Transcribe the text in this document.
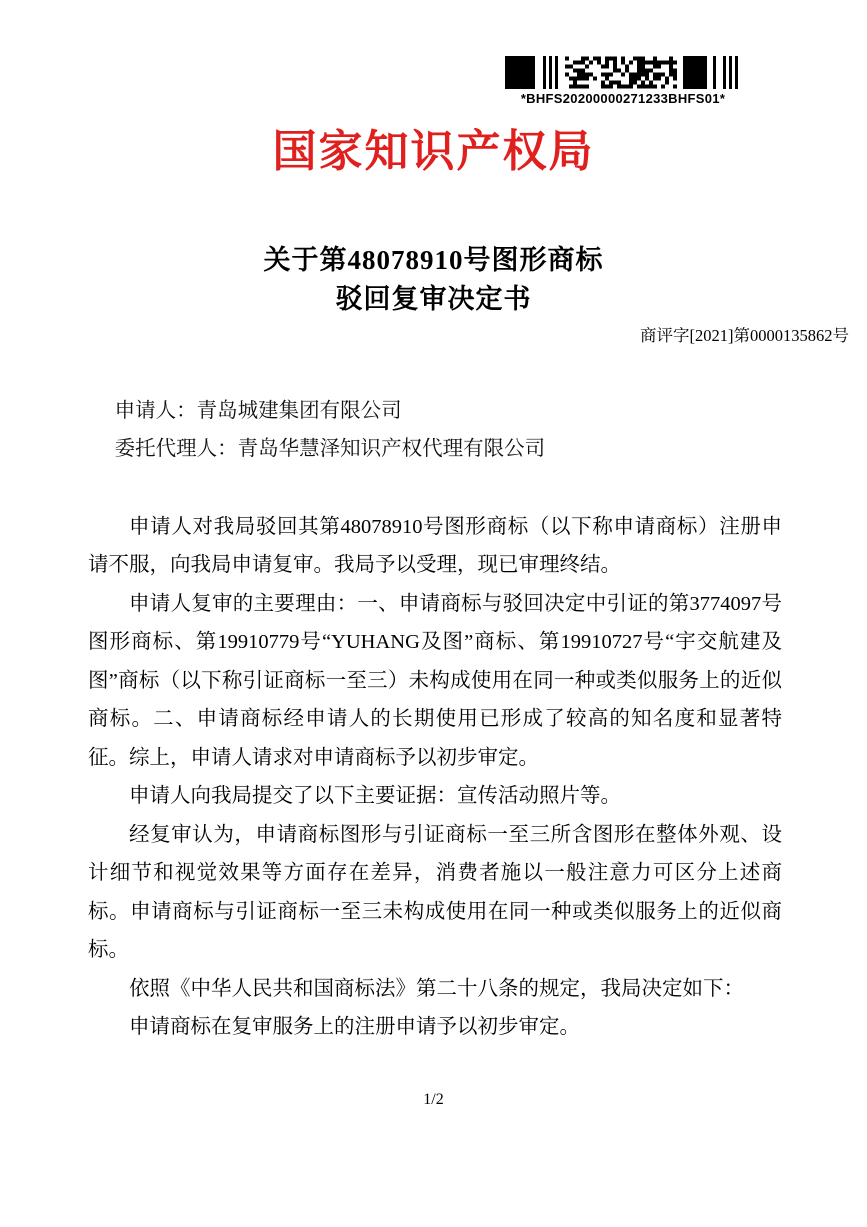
*BHFS20200000271233BHFS01*
国家知识产权局
关于第48078910号图形商标
驳回复审决定书
商评字[2021]第0000135862号
申请人：青岛城建集团有限公司
委托代理人：青岛华慧泽知识产权代理有限公司

申请人对我局驳回其第48078910号图形商标（以下称申请商标）注册申请不服，向我局申请复审。我局予以受理，现已审理终结。

申请人复审的主要理由：一、申请商标与驳回决定中引证的第3774097号图形商标、第19910779号“YUHANG及图”商标、第19910727号“宇交航建及图”商标（以下称引证商标一至三）未构成使用在同一种或类似服务上的近似商标。二、申请商标经申请人的长期使用已形成了较高的知名度和显著特征。综上，申请人请求对申请商标予以初步审定。

申请人向我局提交了以下主要证据：宣传活动照片等。

经复审认为，申请商标图形与引证商标一至三所含图形在整体外观、设计细节和视觉效果等方面存在差异，消费者施以一般注意力可区分上述商标。申请商标与引证商标一至三未构成使用在同一种或类似服务上的近似商标。

依照《中华人民共和国商标法》第二十八条的规定，我局决定如下：

申请商标在复审服务上的注册申请予以初步审定。

1/2
